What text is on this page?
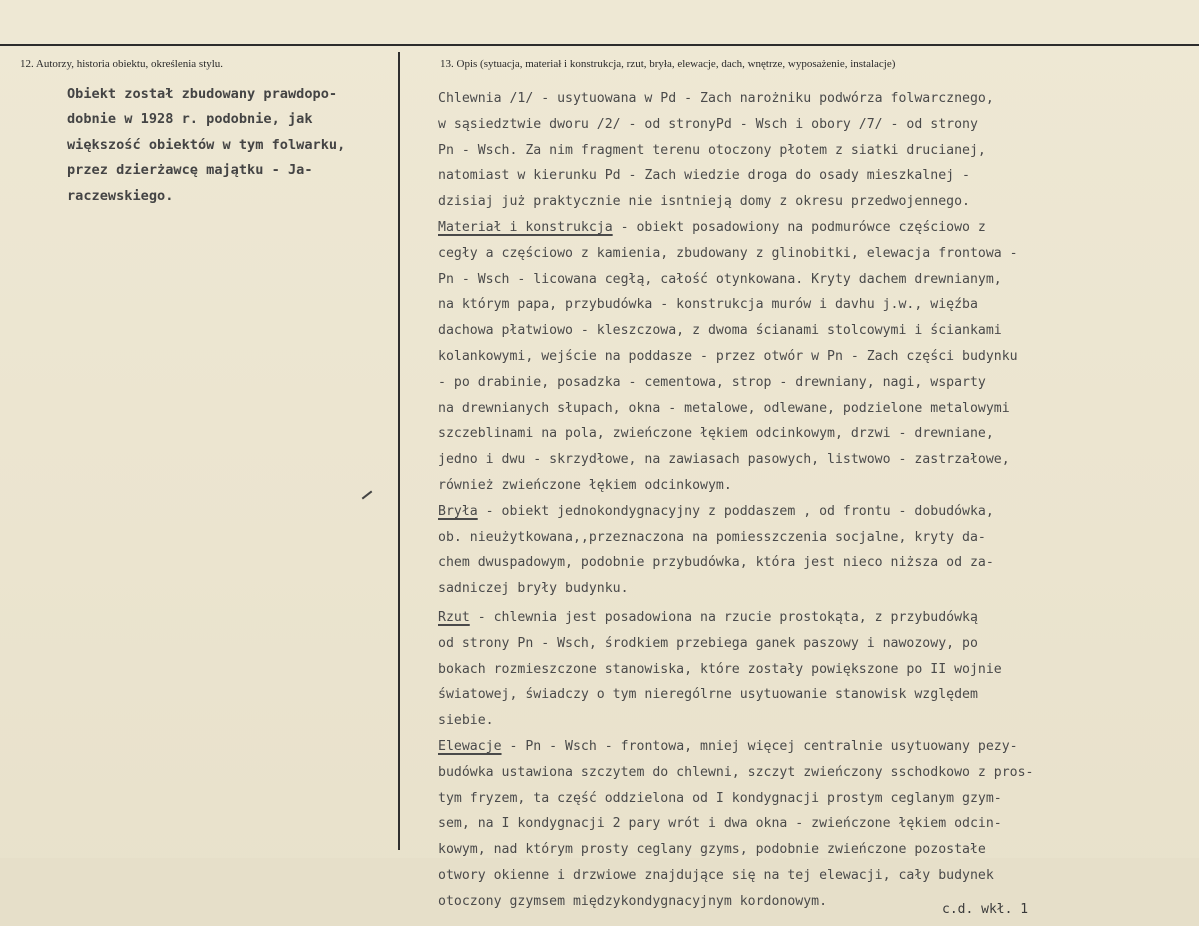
12. Autorzy, historia obiektu, określenia stylu.	13. Opis (sytuacja, materiał i konstrukcja, rzut, bryła, elewacje, dach, wnętrze, wyposażenie, instalacje)
Obiekt został zbudowany prawdopo-
dobnie w 1928 r. podobnie, jak
większość obiektów w tym folwarku,
przez dzierżawcę majątku - Ja-
raczewskiego.
Chlewnia /1/ - usytuowana w Pd - Zach narożniku podwórza folwarcznego,
w sąsiedztwie dworu /2/ - od stronyPd - Wsch i obory /7/ - od strony
Pn - Wsch. Za nim fragment terenu otoczony płotem z siatki drucianej,
natomiast w kierunku Pd - Zach wiedzie droga do osady mieszkalnej -
dzisiaj już praktycznie nie isntnieją domy z okresu przedwojennego.
Materiał i konstrukcja - obiekt posadowiony na podmurówce częściowo z
cegły a częściowo z kamienia, zbudowany z glinobitki, elewacja frontowa -
Pn - Wsch - licowana cegłą, całość otynkowana. Kryty dachem drewnianym,
na którym papa, przybudówka - konstrukcja murów i davhu j.w., więźba
dachowa płatwiowo - kleszczowa, z dwoma ścianami stolcowymi i ściankami
kolankowymi, wejście na poddasze - przez otwór w Pn - Zach części budynku
- po drabinie, posadzka - cementowa, strop - drewniany, nagi, wsparty
na drewnianych słupach, okna - metalowe, odlewane, podzielone metalowymi
szczeblinami na pola, zwieńczone łękiem odcinkowym, drzwi - drewniane,
jedno i dwu - skrzydłowe, na zawiasach pasowych, listwowo - zastrzałowe,
również zwieńczone łękiem odcinkowym.
Bryła - obiekt jednokondygnacyjny z poddaszem , od frontu - dobudówka,
ob. nieużytkowana,,przeznaczona na pomiesszczenia socjalne, kryty da-
chem dwuspadowym, podobnie przybudówka, która jest nieco niższa od za-
sadniczej bryły budynku.
Rzut - chlewnia jest posadowiona na rzucie prostokąta, z przybudówką
od strony Pn - Wsch, środkiem przebiega ganek paszowy i nawozowy, po
bokach rozmieszczone stanowiska, które zostały powiększone po II wojnie
światowej, świadczy o tym nierególrne usytuowanie stanowisk względem
siebie.
Elewacje - Pn - Wsch - frontowa, mniej więcej centralnie usytuowany pezy-
budówka ustawiona szczytem do chlewni, szczyt zwieńczony sschodkowo z pros-
tym fryzem, ta część oddzielona od I kondygnacji prostym ceglanym gzym-
sem, na I kondygnacji 2 pary wrót i dwa okna - zwieńczone łękiem odcin-
kowym, nad którym prosty ceglany gzyms, podobnie zwieńczone pozostałe
otwory okienne i drzwiowe znajdujące się na tej elewacji, cały budynek
otoczony gzymsem międzykondygnacyjnym kordonowym.
c.d. wkł. 1
